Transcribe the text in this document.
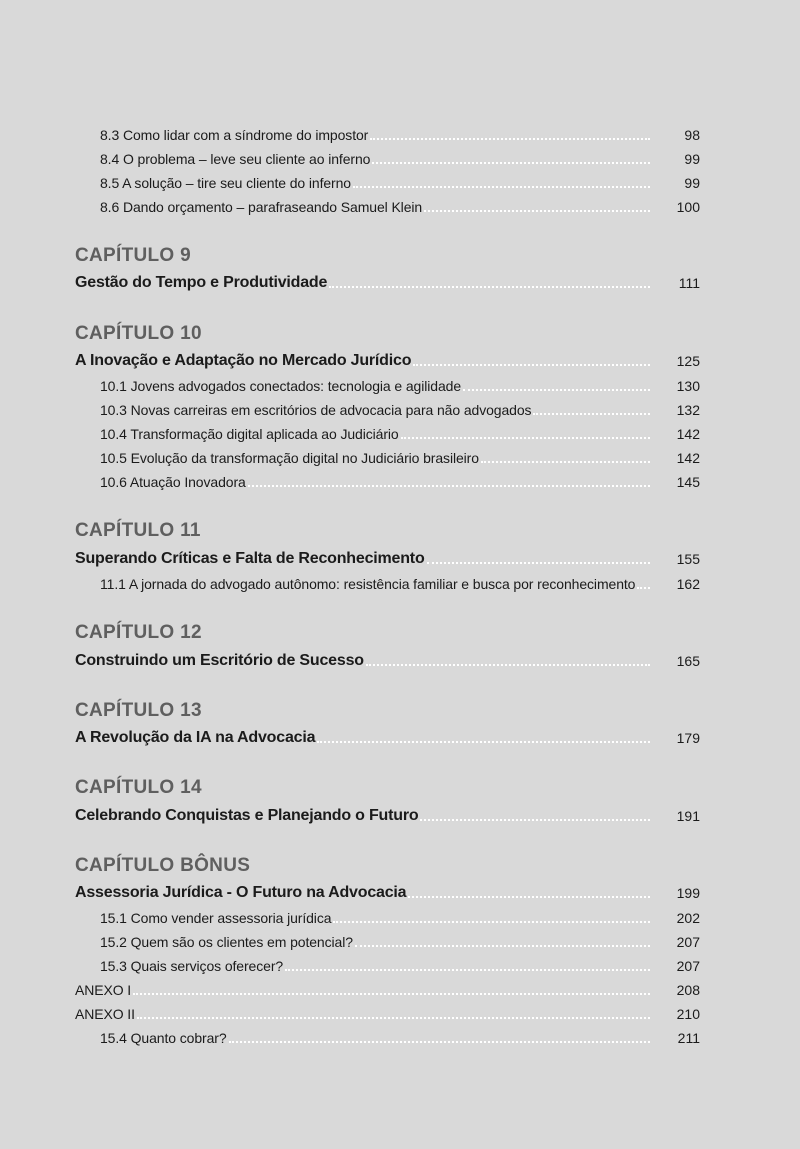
8.3 Como lidar com a síndrome do impostor	98
8.4 O problema – leve seu cliente ao inferno	99
8.5 A solução – tire seu cliente do inferno	99
8.6 Dando orçamento – parafraseando Samuel Klein	100
CAPÍTULO 9
Gestão do Tempo e Produtividade	111
CAPÍTULO 10
A Inovação e Adaptação no Mercado Jurídico	125
10.1 Jovens advogados conectados: tecnologia e agilidade	130
10.3 Novas carreiras em escritórios de advocacia para não advogados	132
10.4 Transformação digital aplicada ao Judiciário	142
10.5 Evolução da transformação digital no Judiciário brasileiro	142
10.6 Atuação Inovadora	145
CAPÍTULO 11
Superando Críticas e Falta de Reconhecimento	155
11.1 A jornada do advogado autônomo: resistência familiar e busca por reconhecimento	162
CAPÍTULO 12
Construindo um Escritório de Sucesso	165
CAPÍTULO 13
A Revolução da IA na Advocacia	179
CAPÍTULO 14
Celebrando Conquistas e Planejando o Futuro	191
CAPÍTULO BÔNUS
Assessoria Jurídica - O Futuro na Advocacia	199
15.1 Como vender assessoria jurídica	202
15.2 Quem são os clientes em potencial?	207
15.3 Quais serviços oferecer?	207
ANEXO I	208
ANEXO II	210
15.4 Quanto cobrar?	211
